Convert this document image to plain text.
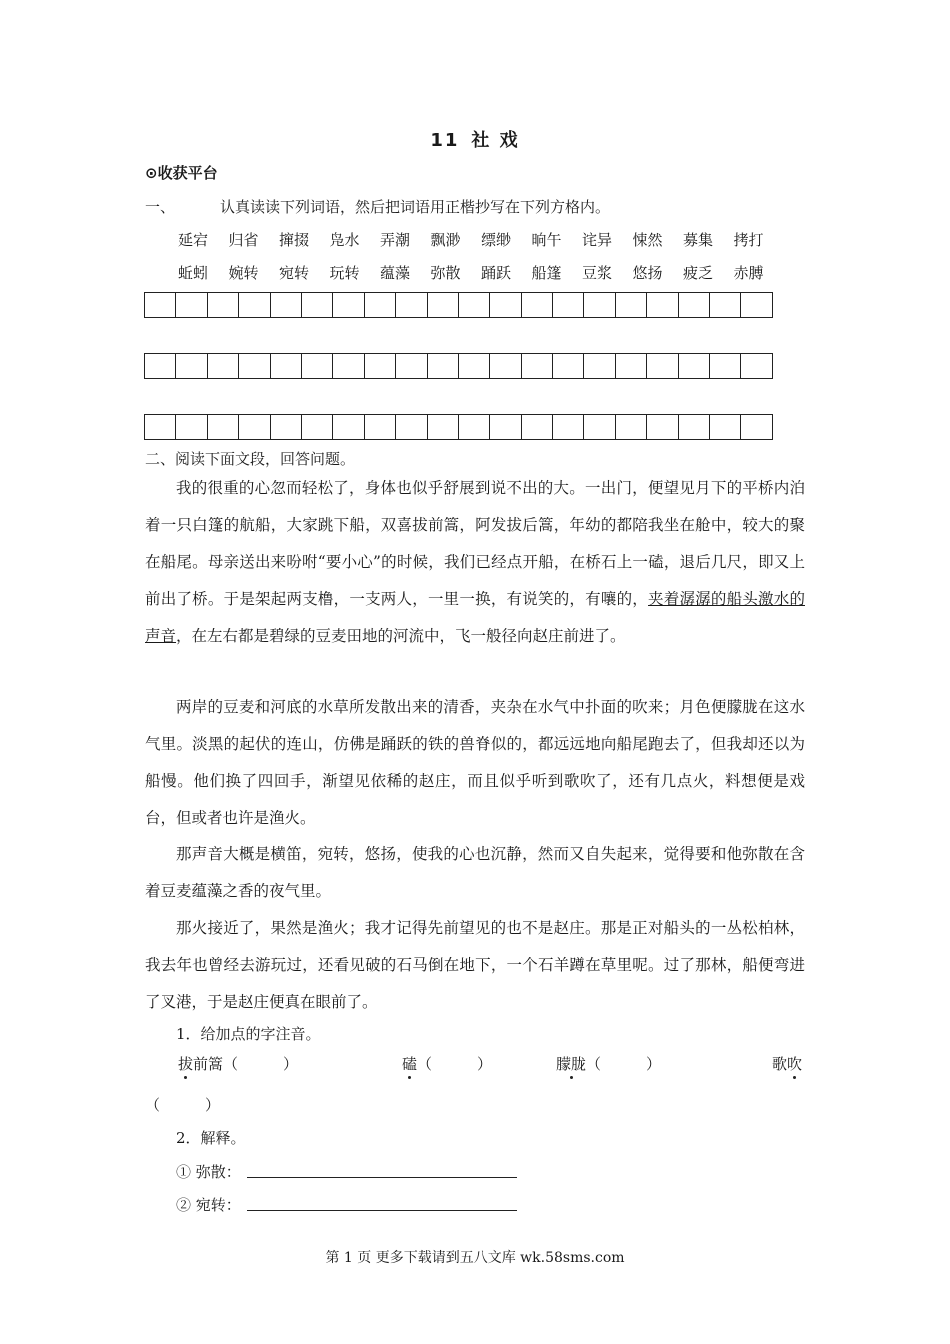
11 社 戏
⊙收获平台
一、	认真读读下列词语，然后把词语用正楷抄写在下列方格内。
延宕	归省	撺掇	凫水	弄潮	飘渺	缥缈	晌午	诧异	悚然	募集	拷打
蚯蚓	婉转	宛转	玩转	蕴藻	弥散	踊跃	船篷	豆浆	悠扬	疲乏	赤膊
二、阅读下面文段，回答问题。
我的很重的心忽而轻松了，身体也似乎舒展到说不出的大。一出门，便望见月下的平桥内泊着一只白篷的航船，大家跳下船，双喜拔前篙，阿发拔后篙，年幼的都陪我坐在舱中，较大的聚在船尾。母亲送出来吩咐“要小心”的时候，我们已经点开船，在桥石上一磕，退后几尺，即又上前出了桥。于是架起两支橹，一支两人，一里一换，有说笑的，有嚷的，夹着潺潺的船头激水的声音，在左右都是碧绿的豆麦田地的河流中，飞一般径向赵庄前进了。
两岸的豆麦和河底的水草所发散出来的清香，夹杂在水气中扑面的吹来；月色便朦胧在这水气里。淡黑的起伏的连山，仿佛是踊跃的铁的兽脊似的，都远远地向船尾跑去了，但我却还以为船慢。他们换了四回手，渐望见依稀的赵庄，而且似乎听到歌吹了，还有几点火，料想便是戏台，但或者也许是渔火。
那声音大概是横笛，宛转，悠扬，使我的心也沉静，然而又自失起来，觉得要和他弥散在含着豆麦蕴藻之香的夜气里。
那火接近了，果然是渔火；我才记得先前望见的也不是赵庄。那是正对船头的一丛松柏林，我去年也曾经去游玩过，还看见破的石马倒在地下，一个石羊蹲在草里呢。过了那林，船便弯进了叉港，于是赵庄便真在眼前了。
1．给加点的字注音。
拔前篙（　　　）	磕（　　　）	朦胧（　　　）	歌吹
（　　　）
2．解释。
① 弥散：
② 宛转：
第 1 页 更多下载请到五八文库 wk.58sms.com
